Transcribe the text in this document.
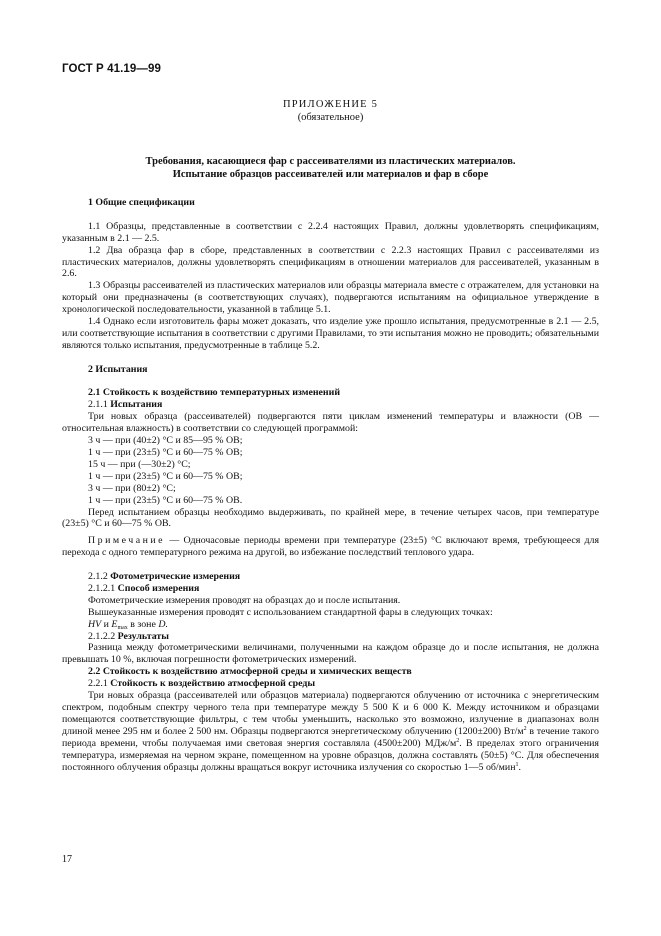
ГОСТ Р 41.19—99
ПРИЛОЖЕНИЕ 5
(обязательное)
Требования, касающиеся фар с рассеивателями из пластических материалов.
Испытание образцов рассеивателей или материалов и фар в сборе

1 Общие спецификации

1.1 Образцы, представленные в соответствии с 2.2.4 настоящих Правил, должны удовлетворять спецификациям, указанным в 2.1 — 2.5.

1.2 Два образца фар в сборе, представленных в соответствии с 2.2.3 настоящих Правил с рассеивателями из пластических материалов, должны удовлетворять спецификациям в отношении материалов для рассеивателей, указанным в 2.6.

1.3 Образцы рассеивателей из пластических материалов или образцы материала вместе с отражателем, для установки на который они предназначены (в соответствующих случаях), подвергаются испытаниям на официальное утверждение в хронологической последовательности, указанной в таблице 5.1.

1.4 Однако если изготовитель фары может доказать, что изделие уже прошло испытания, предусмотренные в 2.1 — 2.5, или соответствующие испытания в соответствии с другими Правилами, то эти испытания можно не проводить; обязательными являются только испытания, предусмотренные в таблице 5.2.

2 Испытания

2.1 Стойкость к воздействию температурных изменений

2.1.1 Испытания

Три новых образца (рассеивателей) подвергаются пяти циклам изменений температуры и влажности (ОВ — относительная влажность) в соответствии со следующей программой:

3 ч — при (40±2) °С и 85—95 % ОВ;

1 ч — при (23±5) °С и 60—75 % ОВ;

15 ч — при (—30±2) °С;

1 ч — при (23±5) °С и 60—75 % ОВ;

3 ч — при (80±2) °С;

1 ч — при (23±5) °С и 60—75 % ОВ.

Перед испытанием образцы необходимо выдерживать, по крайней мере, в течение четырех часов, при температуре (23±5) °С и 60—75 % ОВ.

Примечание — Одночасовые периоды времени при температуре (23±5) °С включают время, требующееся для перехода с одного температурного режима на другой, во избежание последствий теплового удара.

2.1.2 Фотометрические измерения

2.1.2.1 Способ измерения

Фотометрические измерения проводят на образцах до и после испытания.

Вышеуказанные измерения проводят с использованием стандартной фары в следующих точках:

HV и $E_{max}$ в зоне D.

2.1.2.2 Результаты

Разница между фотометрическими величинами, полученными на каждом образце до и после испытания, не должна превышать 10 %, включая погрешности фотометрических измерений.

2.2 Стойкость к воздействию атмосферной среды и химических веществ

2.2.1 Стойкость к воздействию атмосферной среды

Три новых образца (рассеивателей или образцов материала) подвергаются облучению от источника с энергетическим спектром, подобным спектру черного тела при температуре между 5 500 К и 6 000 К. Между источником и образцами помещаются соответствующие фильтры, с тем чтобы уменьшить, насколько это возможно, излучение в диапазонах волн длиной менее 295 нм и более 2 500 нм. Образцы подвергаются энергетическому облучению (1200±200) $Вт/м^2$ в течение такого периода времени, чтобы получаемая ими световая энергия составляла (4500±200) МДж/$м^2$. В пределах этого ограничения температура, измеряемая на черном экране, помещенном на уровне образцов, должна составлять (50±5) °С. Для обеспечения постоянного облучения образцы должны вращаться вокруг источника излучения со скоростью 1—5 об/мин$^1$.

17
